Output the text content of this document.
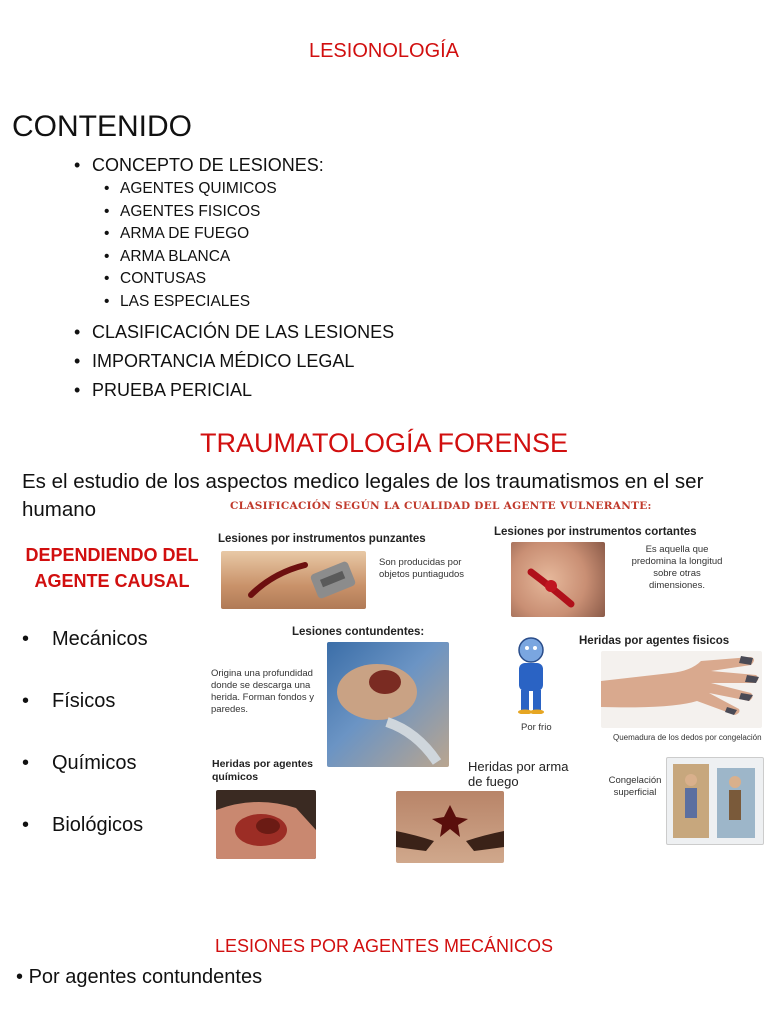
LESIONOLOGÍA
CONTENIDO
• CONCEPTO DE LESIONES:
• AGENTES QUIMICOS
• AGENTES FISICOS
• ARMA DE FUEGO
• ARMA BLANCA
• CONTUSAS
• LAS ESPECIALES
• CLASIFICACIÓN DE LAS LESIONES
• IMPORTANCIA MÉDICO LEGAL
• PRUEBA PERICIAL
TRAUMATOLOGÍA FORENSE
Es el estudio de los aspectos medico legales de los traumatismos en el ser humano
DEPENDIENDO DEL AGENTE CAUSAL
• Mecánicos
• Físicos
• Químicos
• Biológicos
CLASIFICACIÓN SEGÚN LA CUALIDAD DEL AGENTE VULNERANTE:
Lesiones por instrumentos punzantes
Son producidas por objetos puntiagudos
Lesiones por instrumentos cortantes
Es aquella que predomina la longitud sobre otras dimensiones.
Lesiones contundentes:
Origina una profundidad donde se descarga una herida. Forman fondos y paredes.
Heridas por agentes fisicos
Por frio
Quemadura de los dedos por congelación
Heridas por agentes químicos
Heridas por arma de fuego	Congelación superficial
LESIONES POR AGENTES MECÁNICOS
• Por agentes contundentes
